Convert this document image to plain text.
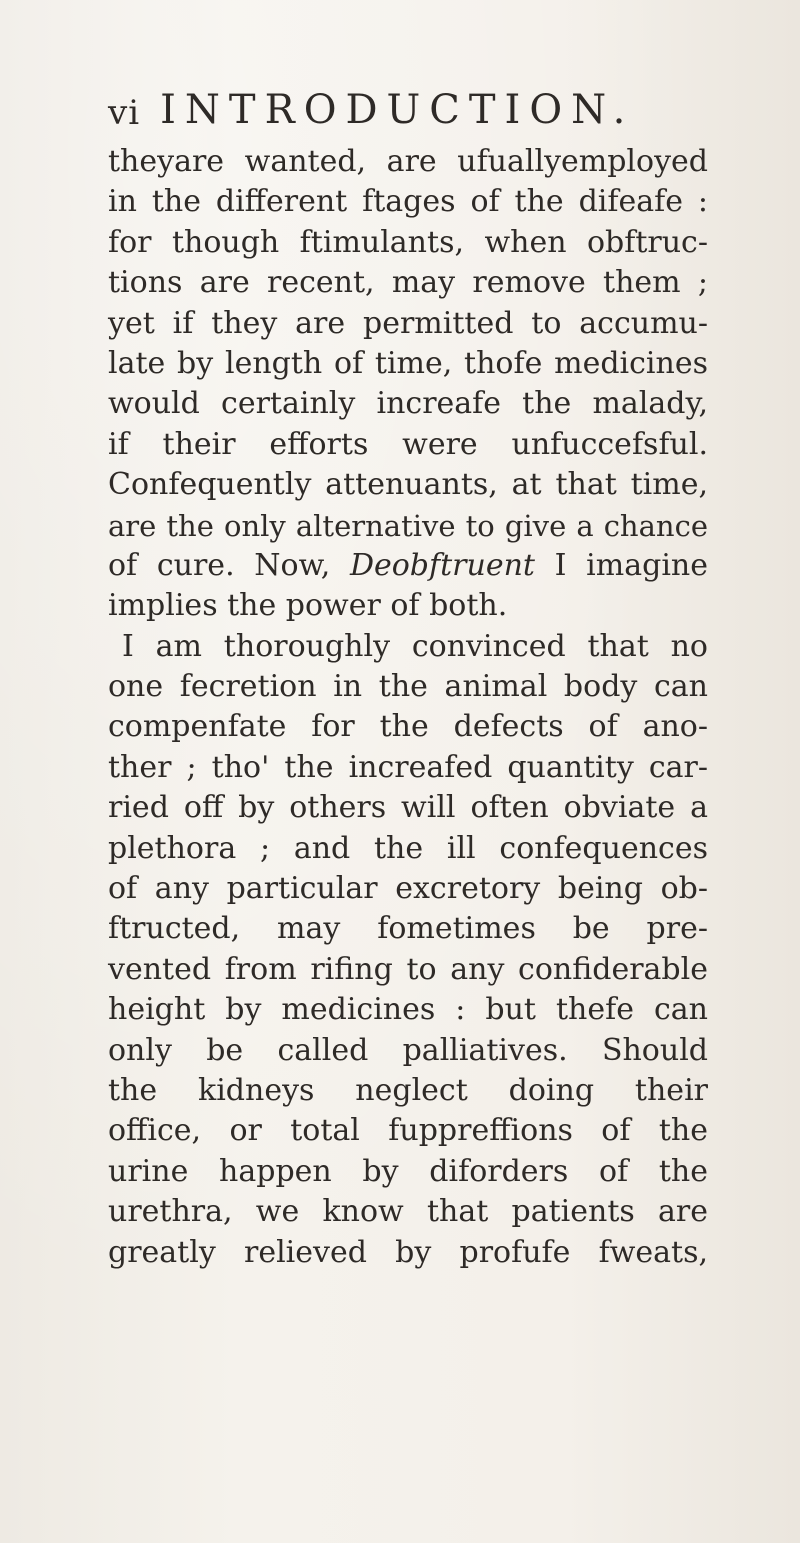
vi INTRODUCTION.
theyare wanted, are ufuallyemployed
in the different ftages of the difeafe :
for though ftimulants, when obftruc-
tions are recent, may remove them ;
yet if they are permitted to accumu-
late by length of time, thofe medicines
would certainly increafe the malady,
if their efforts were unfuccefsful.
Confequently attenuants, at that time,
are the only alternative to give a chance
of cure. Now, Deobftruent I imagine
implies the power of both.
I am thoroughly convinced that no
one fecretion in the animal body can
compenfate for the defects of ano-
ther ; tho' the increafed quantity car-
ried off by others will often obviate a
plethora ; and the ill confequences
of any particular excretory being ob-
ftructed, may fometimes be pre-
vented from rifing to any confiderable
height by medicines : but thefe can
only be called palliatives. Should
the kidneys neglect doing their
office, or total fuppreffions of the
urine happen by diforders of the
urethra, we know that patients are
greatly relieved by profufe fweats,
